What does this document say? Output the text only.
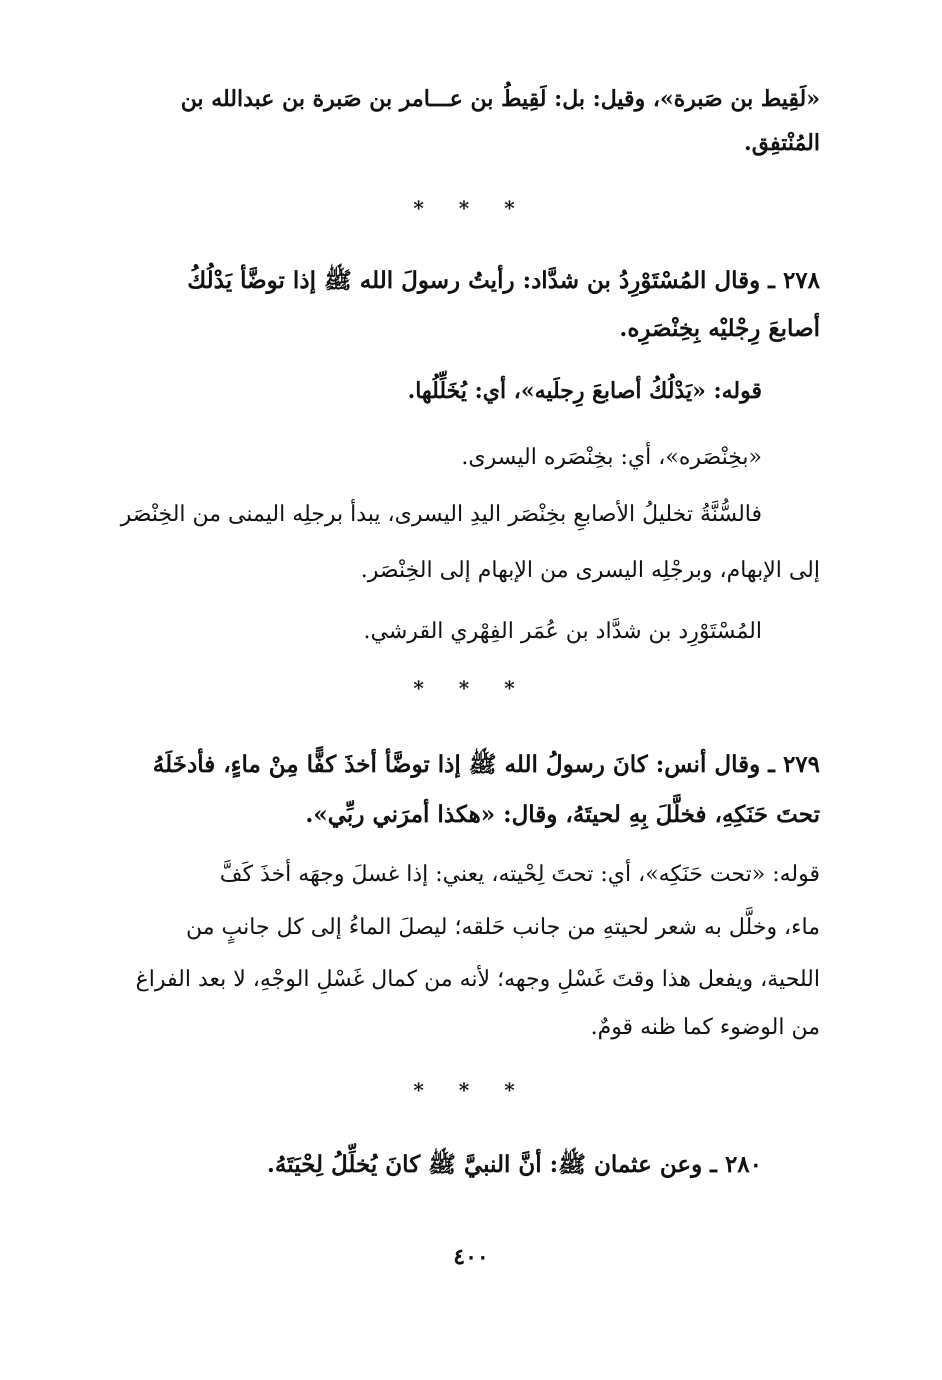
«لَقِيط بن صَبرة»، وقيل: بل: لَقِيطُ بن عـــامر بن صَبرة بن عبدالله بن
المُنْتفِق.
* * *
٢٧٨ ـ وقال المُسْتَوْرِدُ بن شدَّاد: رأيتُ رسولَ الله ﷺ إذا توضَّأ يَدْلُكُ
أصابعَ رِجْليْه بِخِنْصَرِه.
قوله: «يَدْلُكُ أصابعَ رِجلَيه»، أي: يُخَلِّلُها.
«بخِنْصَره»، أي: بخِنْصَره اليسرى.
فالسُّنَّةُ تخليلُ الأصابعِ بخِنْصَر اليدِ اليسرى، يبدأ برجلِه اليمنى من الخِنْصَر
إلى الإبهام، وبرجْلِه اليسرى من الإبهام إلى الخِنْصَر.
المُسْتَوْرِد بن شدَّاد بن عُمَر الفِهْري القرشي.
* * *
٢٧٩ ـ وقال أنس: كانَ رسولُ الله ﷺ إذا توضَّأ أخذَ كفًّا مِنْ ماءٍ، فأدخَلَهُ
تحتَ حَنَكِهِ، فخلَّلَ بِهِ لحيتَهُ، وقال: «هكذا أمرَني ربِّي».
قوله: «تحت حَنَكِه»، أي: تحتَ لِحْيته، يعني: إذا غسلَ وجهَه أخذَ كَفَّ
ماء، وخلَّل به شعر لحيتهِ من جانب حَلقه؛ ليصلَ الماءُ إلى كل جانبٍ من
اللحية، ويفعل هذا وقتَ غَسْلِ وجهه؛ لأنه من كمال غَسْلِ الوجْهِ، لا بعد الفراغ
من الوضوء كما ظنه قومٌ.
* * *
٢٨٠ ـ وعن عثمان ﷺ: أنَّ النبيَّ ﷺ كانَ يُخلِّلُ لِحْيَتَهُ.
٤٠٠
